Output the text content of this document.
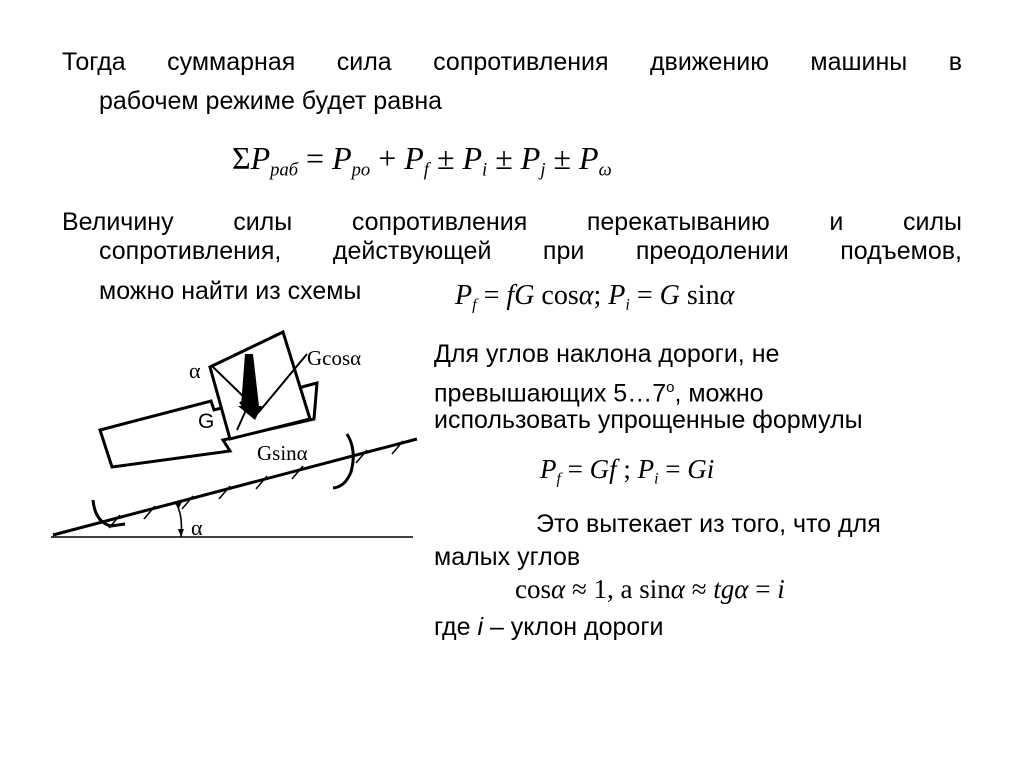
Тогда суммарная сила сопротивления движению машины в

рабочем режиме будет равна

$\Sigma P_{раб} = P_{ро} + P_f \pm P_i \pm P_j \pm P_\omega$

Величину силы сопротивления перекатыванию и силы

сопротивления, действующей при преодолении подъемов,

можно найти из схемы	$P_f$ = fG cosα; $P_i = G$ sinα
α	Gcosα
G
Gsinα
α

Для углов наклона дороги, не

превышающих $5\dots 7^о$, можно

использовать упрощенные формулы

$P_f = Gf$ ; $P_i = Gi$

Это вытекает из того, что для

малых углов

cosα ≈ 1, a sinα ≈ tgα = i

где i – уклон дороги
